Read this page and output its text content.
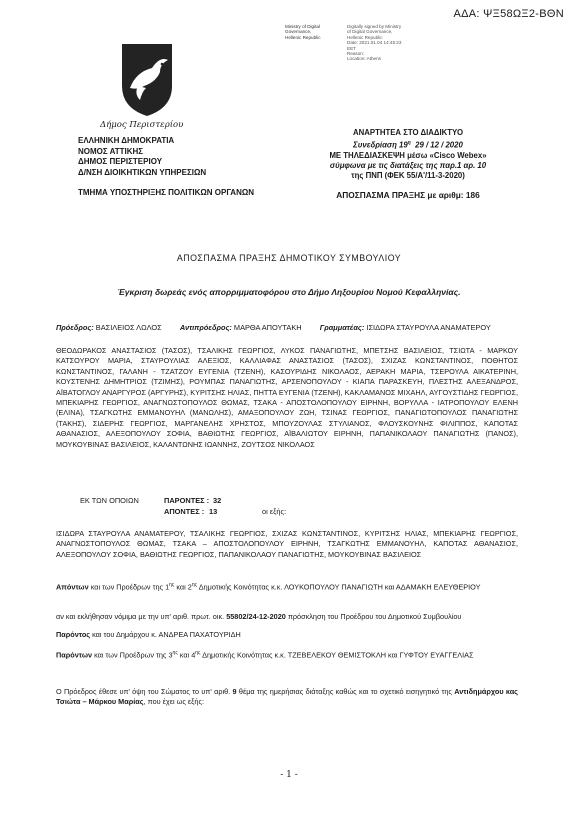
ΑΔΑ: ΨΞ58ΩΞ2-ΒΘΝ
Ministry of Digital
Governance,
Hellenic Republic
Digitally signed by Ministry
of Digital Governance,
Hellenic Republic
Date: 2021.01.04 14:45:23
EET
Reason:
Location: Athens
Δήμος Περιστερίου
ΕΛΛΗΝΙΚΗ ΔΗΜΟΚΡΑΤΙΑ
ΝΟΜΟΣ ΑΤΤΙΚΗΣ
ΔΗΜΟΣ ΠΕΡΙΣΤΕΡΙΟΥ
Δ/ΝΣΗ ΔΙΟΙΚΗΤΙΚΩΝ ΥΠΗΡΕΣΙΩΝ
ΤΜΗΜΑ ΥΠΟΣΤΗΡΙΞΗΣ ΠΟΛΙΤΙΚΩΝ ΟΡΓΑΝΩΝ
ΑΝΑΡΤΗΤΕΑ ΣΤΟ ΔΙΑΔΙΚΤΥΟ
Συνεδρίαση $19^\eta$ 29 / 12 / 2020
ΜΕ ΤΗΛΕΔΙΑΣΚΕΨΗ μέσω «Cisco Webex»
σύμφωνα με τις διατάξεις της παρ.1 αρ. 10
της ΠΝΠ (ΦΕΚ 55/Α'/11-3-2020)
ΑΠΟΣΠΑΣΜΑ ΠΡΑΞΗΣ με αριθμ: 186
ΑΠΟΣΠΑΣΜΑ ΠΡΑΞΗΣ ΔΗΜΟΤΙΚΟΥ ΣΥΜΒΟΥΛΙΟΥ
Έγκριση δωρεάς ενός απορριμματοφόρου στο Δήμο Ληξουρίου Νομού Κεφαλληνίας.
Πρόεδρος: ΒΑΣΙΛΕΙΟΣ ΛΩΛΟΣ Αντιπρόεδρος: ΜΑΡΘΑ ΑΠΟΥΤΑΚΗ Γραμματέας: ΙΣΙΔΩΡΑ ΣΤΑΥΡΟΥΛΑ ΑΝΑΜΑΤΕΡΟΥ
ΘΕΟΔΩΡΑΚΟΣ ΑΝΑΣΤΑΣΙΟΣ (ΤΑΣΟΣ), ΤΣΑΛΙΚΗΣ ΓΕΩΡΓΙΟΣ, ΛΥΚΟΣ ΠΑΝΑΓΙΩΤΗΣ, ΜΠΕΤΣΗΣ ΒΑΣΙΛΕΙΟΣ, ΤΣΙΩΤΑ - ΜΑΡΚΟΥ ΚΑΤΣΟΥΡΟΥ ΜΑΡΙΑ, ΣΤΑΥΡΟΥΛΙΑΣ ΑΛΕΞΙΟΣ, ΚΑΛΛΙΑΦΑΣ ΑΝΑΣΤΑΣΙΟΣ (ΤΑΣΟΣ), ΣΧΙΖΑΣ ΚΩΝΣΤΑΝΤΙΝΟΣ, ΠΟΘΗΤΟΣ ΚΩΝΣΤΑΝΤΙΝΟΣ, ΓΑΛΑΝΗ - ΤΖΑΤΖΟΥ ΕΥΓΕΝΙΑ (ΤΖΕΝΗ), ΚΑΣΟΥΡΙΔΗΣ ΝΙΚΟΛΑΟΣ, ΑΕΡΑΚΗ ΜΑΡΙΑ, ΤΣΕΡΟΥΛΑ ΑΙΚΑΤΕΡΙΝΗ, ΚΟΥΣΤΕΝΗΣ ΔΗΜΗΤΡΙΟΣ (ΤΖΙΜΗΣ), ΡΟΥΜΠΑΣ ΠΑΝΑΓΙΩΤΗΣ, ΑΡΣΕΝΟΠΟΥΛΟΥ - ΚΙΑΠΑ ΠΑΡΑΣΚΕΥΗ, ΠΛΕΣΤΗΣ ΑΛΕΞΑΝΔΡΟΣ, ΑΪΒΑΤΟΓΛΟΥ ΑΝΑΡΓΥΡΟΣ (ΑΡΓΥΡΗΣ), ΚΥΡΙΤΣΗΣ ΗΛΙΑΣ, ΠΗΤΤΑ ΕΥΓΕΝΙΑ (ΤΖΕΝΗ), ΚΑΚΛΑΜΑΝΟΣ ΜΙΧΑΗΛ, ΑΥΓΟΥΣΤΙΔΗΣ ΓΕΩΡΓΙΟΣ, ΜΠΕΚΙΑΡΗΣ ΓΕΩΡΓΙΟΣ, ΑΝΑΓΝΩΣΤΟΠΟΥΛΟΣ ΘΩΜΑΣ, ΤΣΑΚΑ - ΑΠΟΣΤΟΛΟΠΟΥΛΟΥ ΕΙΡΗΝΗ, ΒΟΡΥΛΛΑ - ΙΑΤΡΟΠΟΥΛΟΥ ΕΛΕΝΗ (ΕΛΙΝΑ), ΤΣΑΓΚΩΤΗΣ ΕΜΜΑΝΟΥΗΛ (ΜΑΝΩΛΗΣ), ΑΜΑΞΟΠΟΥΛΟΥ ΖΩΗ, ΤΣΙΝΑΣ ΓΕΩΡΓΙΟΣ, ΠΑΝΑΓΙΩΤΟΠΟΥΛΟΣ ΠΑΝΑΓΙΩΤΗΣ (ΤΑΚΗΣ), ΣΙΔΕΡΗΣ ΓΕΩΡΓΙΟΣ, ΜΑΡΓΑΝΕΛΗΣ ΧΡΗΣΤΟΣ, ΜΠΟΥΖΟΥΛΑΣ ΣΤΥΛΙΑΝΟΣ, ΦΛΟΥΣΚΟΥΝΗΣ ΦΙΛΙΠΠΟΣ, ΚΑΠΟΤΑΣ ΑΘΑΝΑΣΙΟΣ, ΑΛΕΞΟΠΟΥΛΟΥ ΣΟΦΙΑ, ΒΑΘΙΩΤΗΣ ΓΕΩΡΓΙΟΣ, ΑΪΒΑΛΙΩΤΟΥ ΕΙΡΗΝΗ, ΠΑΠΑΝΙΚΟΛΑΟΥ ΠΑΝΑΓΙΩΤΗΣ (ΠΑΝΟΣ), ΜΟΥΚΟΥΒΙΝΑΣ ΒΑΣΙΛΕΙΟΣ, ΚΑΛΑΝΤΩΝΗΣ ΙΩΑΝΝΗΣ, ΖΟΥΤΣΟΣ ΝΙΚΟΛΑΟΣ
ΕΚ ΤΩΝ ΟΠΟΙΩΝ	ΠΑΡΟΝΤΕΣ : 32
ΑΠΟΝΤΕΣ : 13	οι εξής:
ΙΣΙΔΩΡΑ ΣΤΑΥΡΟΥΛΑ ΑΝΑΜΑΤΕΡΟΥ, ΤΣΑΛΙΚΗΣ ΓΕΩΡΓΙΟΣ, ΣΧΙΖΑΣ ΚΩΝΣΤΑΝΤΙΝΟΣ, ΚΥΡΙΤΣΗΣ ΗΛΙΑΣ, ΜΠΕΚΙΑΡΗΣ ΓΕΩΡΓΙΟΣ, ΑΝΑΓΝΩΣΤΟΠΟΥΛΟΣ ΘΩΜΑΣ, ΤΣΑΚΑ – ΑΠΟΣΤΟΛΟΠΟΥΛΟΥ ΕΙΡΗΝΗ, ΤΣΑΓΚΩΤΗΣ ΕΜΜΑΝΟΥΗΛ, ΚΑΠΟΤΑΣ ΑΘΑΝΑΣΙΟΣ, ΑΛΕΞΟΠΟΥΛΟΥ ΣΟΦΙΑ, ΒΑΘΙΩΤΗΣ ΓΕΩΡΓΙΟΣ, ΠΑΠΑΝΙΚΟΛΑΟΥ ΠΑΝΑΓΙΩΤΗΣ, ΜΟΥΚΟΥΒΙΝΑΣ ΒΑΣΙΛΕΙΟΣ
Απόντων και των Προέδρων της $1^{\eta\varsigma}$ και $2^{\eta\varsigma}$ Δημοτικής Κοινότητας κ.κ. ΛΟΥΚΟΠΟΥΛΟΥ ΠΑΝΑΓΙΩΤΗ και ΑΔΑΜΑΚΗ ΕΛΕΥΘΕΡΙΟΥ
αν και εκλήθησαν νόμιμα με την υπ' αριθ. πρωτ. οικ. 55802/24-12-2020 πρόσκληση του Προέδρου του Δημοτικού Συμβουλίου
Παρόντος και του Δημάρχου κ. ΑΝΔΡΕΑ ΠΑΧΑΤΟΥΡΙΔΗ
Παρόντων και των Προέδρων της $3^{\eta\varsigma}$ και $4^{\eta\varsigma}$ Δημοτικής Κοινότητας κ.κ. ΤΖΕΒΕΛΕΚΟΥ ΘΕΜΙΣΤΟΚΛΗ και ΓΥΦΤΟΥ ΕΥΑΓΓΕΛΙΑΣ
Ο Πρόεδρος έθεσε υπ' όψη του Σώματος το υπ' αριθ. 9 θέμα της ημερήσιας διάταξης καθώς και το σχετικό εισηγητικό της Αντιδημάρχου κας Τσιώτα – Μάρκου Μαρίας, που έχει ως εξής:
- 1 -
